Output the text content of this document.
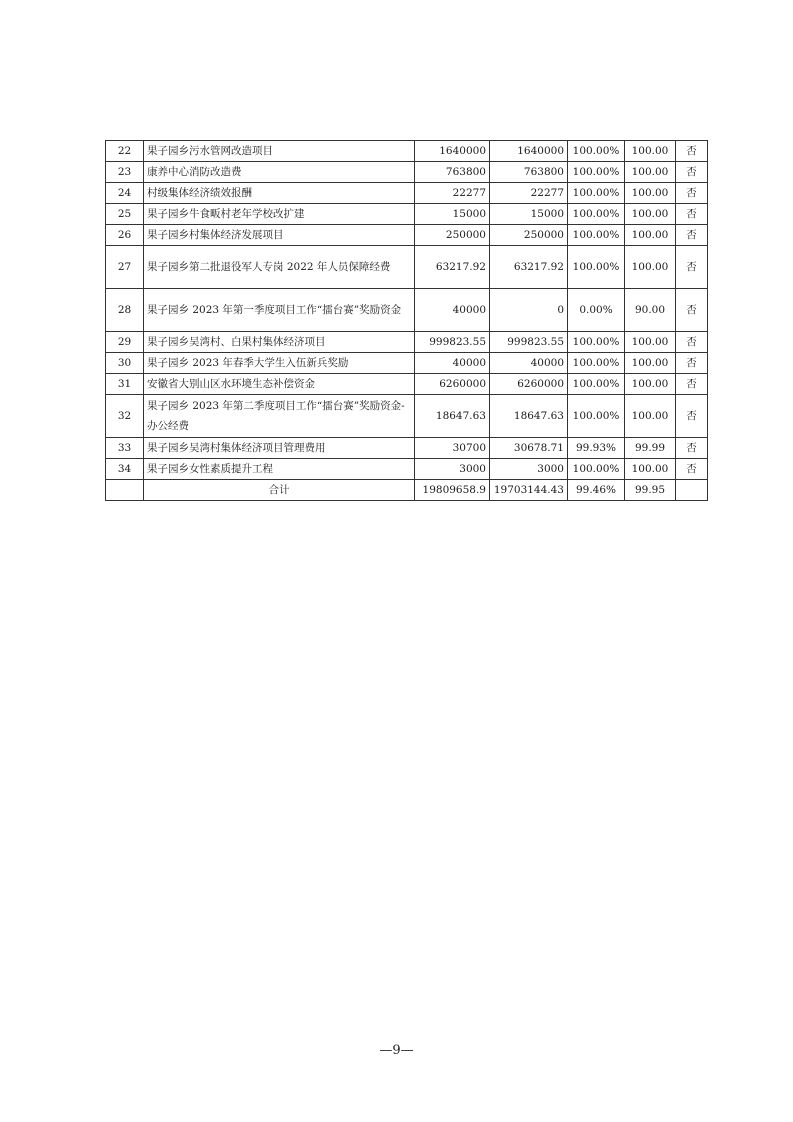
22	果子园乡污水管网改造项目	1640000	1640000	100.00%	100.00	否
23	康养中心消防改造费	763800	763800	100.00%	100.00	否
24	村级集体经济绩效报酬	22277	22277	100.00%	100.00	否
25	果子园乡牛食畈村老年学校改扩建	15000	15000	100.00%	100.00	否
26	果子园乡村集体经济发展项目	250000	250000	100.00%	100.00	否
27	果子园乡第二批退役军人专岗 2022 年人员保障经费	63217.92	63217.92	100.00%	100.00	否
28	果子园乡 2023 年第一季度项目工作“擂台赛”奖励资金	40000	0	0.00%	90.00	否
29	果子园乡吴湾村、白果村集体经济项目	999823.55	999823.55	100.00%	100.00	否
30	果子园乡 2023 年春季大学生入伍新兵奖励	40000	40000	100.00%	100.00	否
31	安徽省大别山区水环境生态补偿资金	6260000	6260000	100.00%	100.00	否
32	果子园乡 2023 年第二季度项目工作“擂台赛”奖励资金-办公经费	18647.63	18647.63	100.00%	100.00	否
33	果子园乡吴湾村集体经济项目管理费用	30700	30678.71	99.93%	99.99	否
34	果子园乡女性素质提升工程	3000	3000	100.00%	100.00	否
	合计	19809658.9	19703144.43	99.46%	99.95	
—9—
